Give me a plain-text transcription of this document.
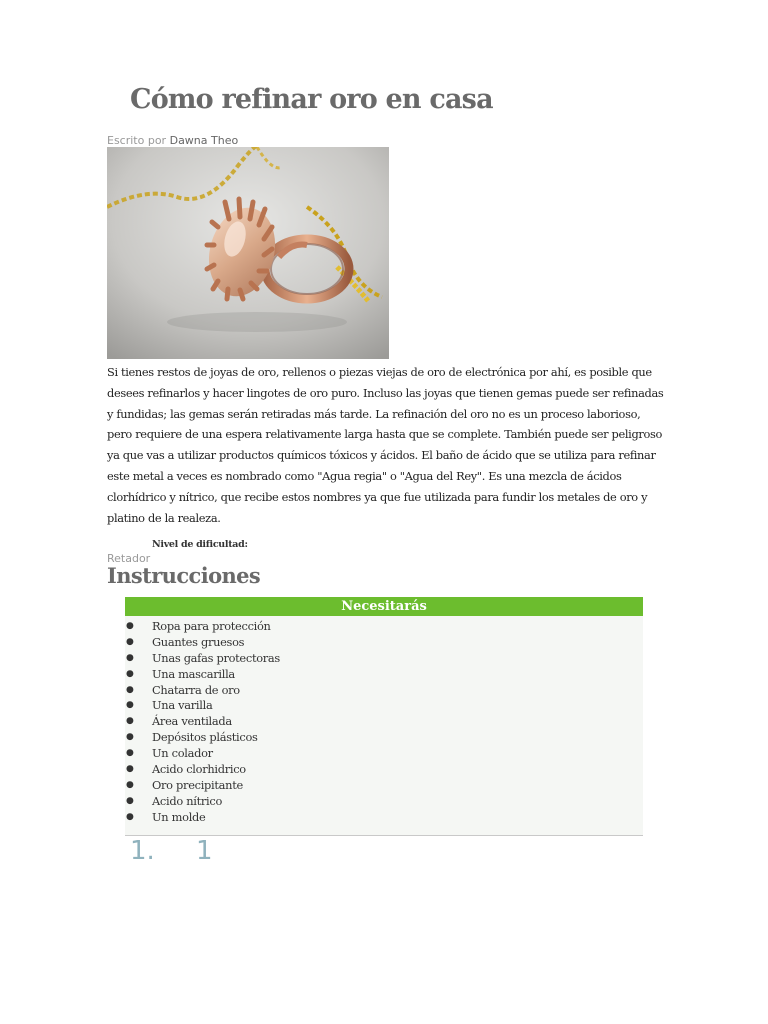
Cómo refinar oro en casa
Escrito por Dawna Theo

Si tienes restos de joyas de oro, rellenos o piezas viejas de oro de electrónica por ahí, es posible que desees refinarlos y hacer lingotes de oro puro. Incluso las joyas que tienen gemas puede ser refinadas y fundidas; las gemas serán retiradas más tarde. La refinación del oro no es un proceso laborioso, pero requiere de una espera relativamente larga hasta que se complete. También puede ser peligroso ya que vas a utilizar productos químicos tóxicos y ácidos. El baño de ácido que se utiliza para refinar este metal a veces es nombrado como "Agua regia" o "Agua del Rey". Es una mezcla de ácidos clorhídrico y nítrico, que recibe estos nombres ya que fue utilizada para fundir los metales de oro y platino de la realeza.

Nivel de dificultad:
Retador
Instrucciones
Necesitarás
● Ropa para protección
● Guantes gruesos
● Unas gafas protectoras
● Una mascarilla
● Chatarra de oro
● Una varilla
● Área ventilada
● Depósitos plásticos
● Un colador
● Acido clorhidrico
● Oro precipitante
● Acido nítrico
● Un molde
1. 1
